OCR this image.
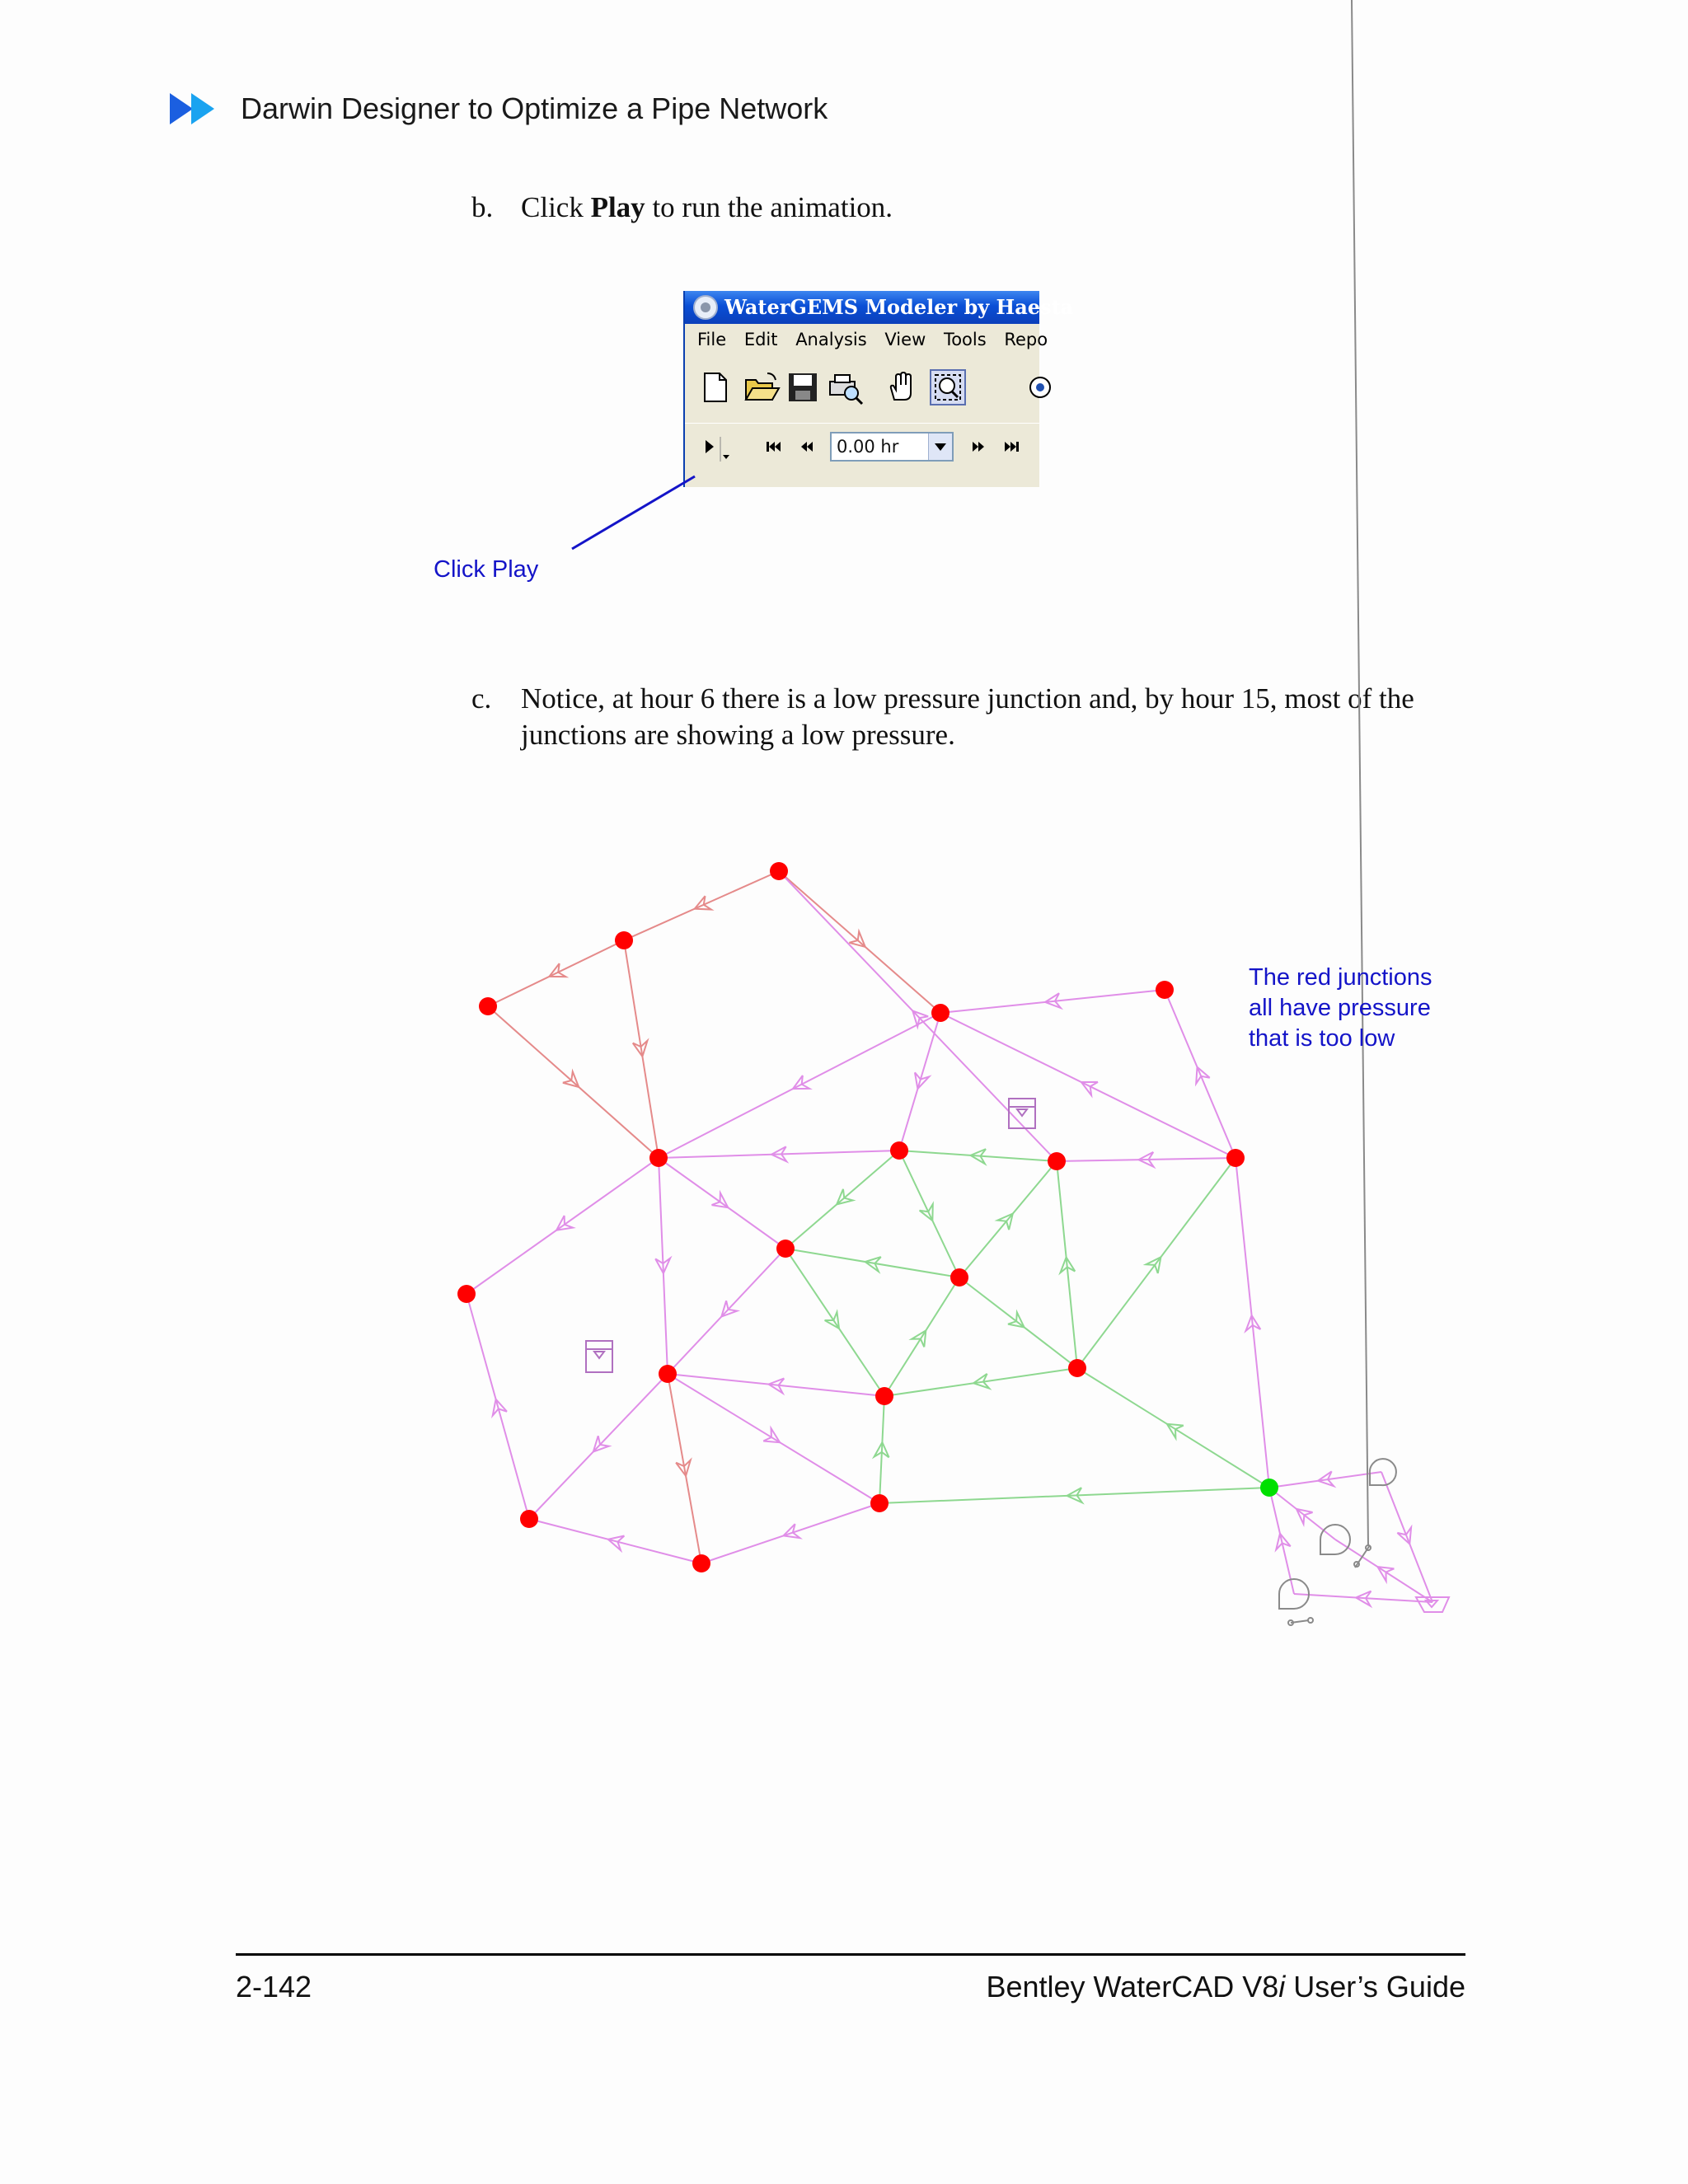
Darwin Designer to Optimize a Pipe Network
b. Click Play to run the animation.
WaterGEMS Modeler by Haesta
File Edit Analysis View Tools Repo
0.00 hr
Click Play
c. Notice, at hour 6 there is a low pressure junction and, by hour 15, most of the junctions are showing a low pressure.
The red junctions
all have pressure
that is too low
2-142	Bentley WaterCAD V8i User’s Guide
